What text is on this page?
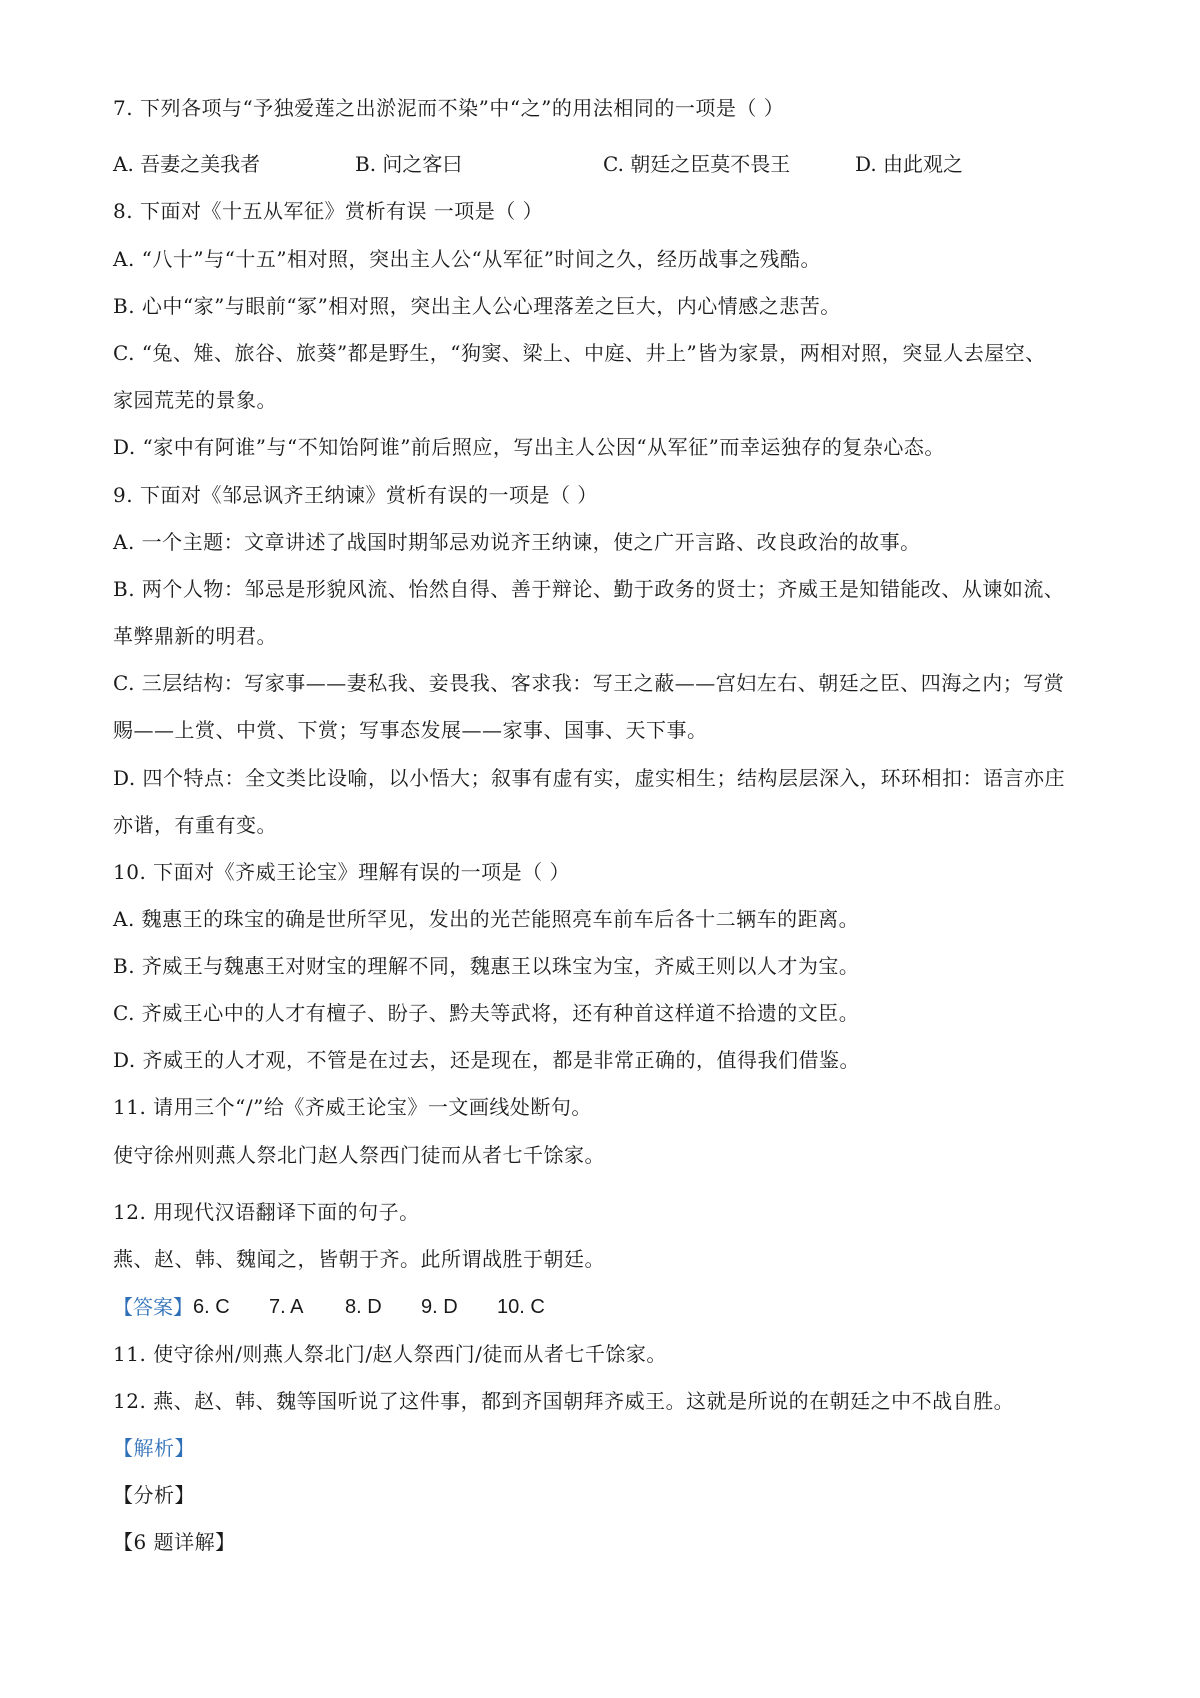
7. 下列各项与“予独爱莲之出淤泥而不染”中“之”的用法相同的一项是（ ）
A. 吾妻之美我者	B. 问之客曰	C. 朝廷之臣莫不畏王	D. 由此观之
8. 下面对《十五从军征》赏析有误 一项是（ ）
A. “八十”与“十五”相对照，突出主人公“从军征”时间之久，经历战事之残酷。
B. 心中“家”与眼前“冢”相对照，突出主人公心理落差之巨大，内心情感之悲苦。
C. “兔、雉、旅谷、旅葵”都是野生，“狗窦、梁上、中庭、井上”皆为家景，两相对照，突显人去屋空、
家园荒芜的景象。
D. “家中有阿谁”与“不知饴阿谁”前后照应，写出主人公因“从军征”而幸运独存的复杂心态。
9. 下面对《邹忌讽齐王纳谏》赏析有误的一项是（ ）
A. 一个主题：文章讲述了战国时期邹忌劝说齐王纳谏，使之广开言路、改良政治的故事。
B. 两个人物：邹忌是形貌风流、怡然自得、善于辩论、勤于政务的贤士；齐威王是知错能改、从谏如流、
革弊鼎新的明君。
C. 三层结构：写家事——妻私我、妾畏我、客求我：写王之蔽——宫妇左右、朝廷之臣、四海之内；写赏
赐——上赏、中赏、下赏；写事态发展——家事、国事、天下事。
D. 四个特点：全文类比设喻，以小悟大；叙事有虚有实，虚实相生；结构层层深入，环环相扣：语言亦庄
亦谐，有重有变。
10. 下面对《齐威王论宝》理解有误的一项是（ ）
A. 魏惠王的珠宝的确是世所罕见，发出的光芒能照亮车前车后各十二辆车的距离。
B. 齐威王与魏惠王对财宝的理解不同，魏惠王以珠宝为宝，齐威王则以人才为宝。
C. 齐威王心中的人才有檀子、盼子、黔夫等武将，还有种首这样道不拾遗的文臣。
D. 齐威王的人才观，不管是在过去，还是现在，都是非常正确的，值得我们借鉴。
11. 请用三个“/”给《齐威王论宝》一文画线处断句。
使守徐州则燕人祭北门赵人祭西门徒而从者七千馀家。
12. 用现代汉语翻译下面的句子。
燕、赵、韩、魏闻之，皆朝于齐。此所谓战胜于朝廷。
【答案】 6. C 7. A 8. D 9. D 10. C
11. 使守徐州/则燕人祭北门/赵人祭西门/徒而从者七千馀家。
12. 燕、赵、韩、魏等国听说了这件事，都到齐国朝拜齐威王。这就是所说的在朝廷之中不战自胜。
【解析】
【分析】
【6 题详解】
